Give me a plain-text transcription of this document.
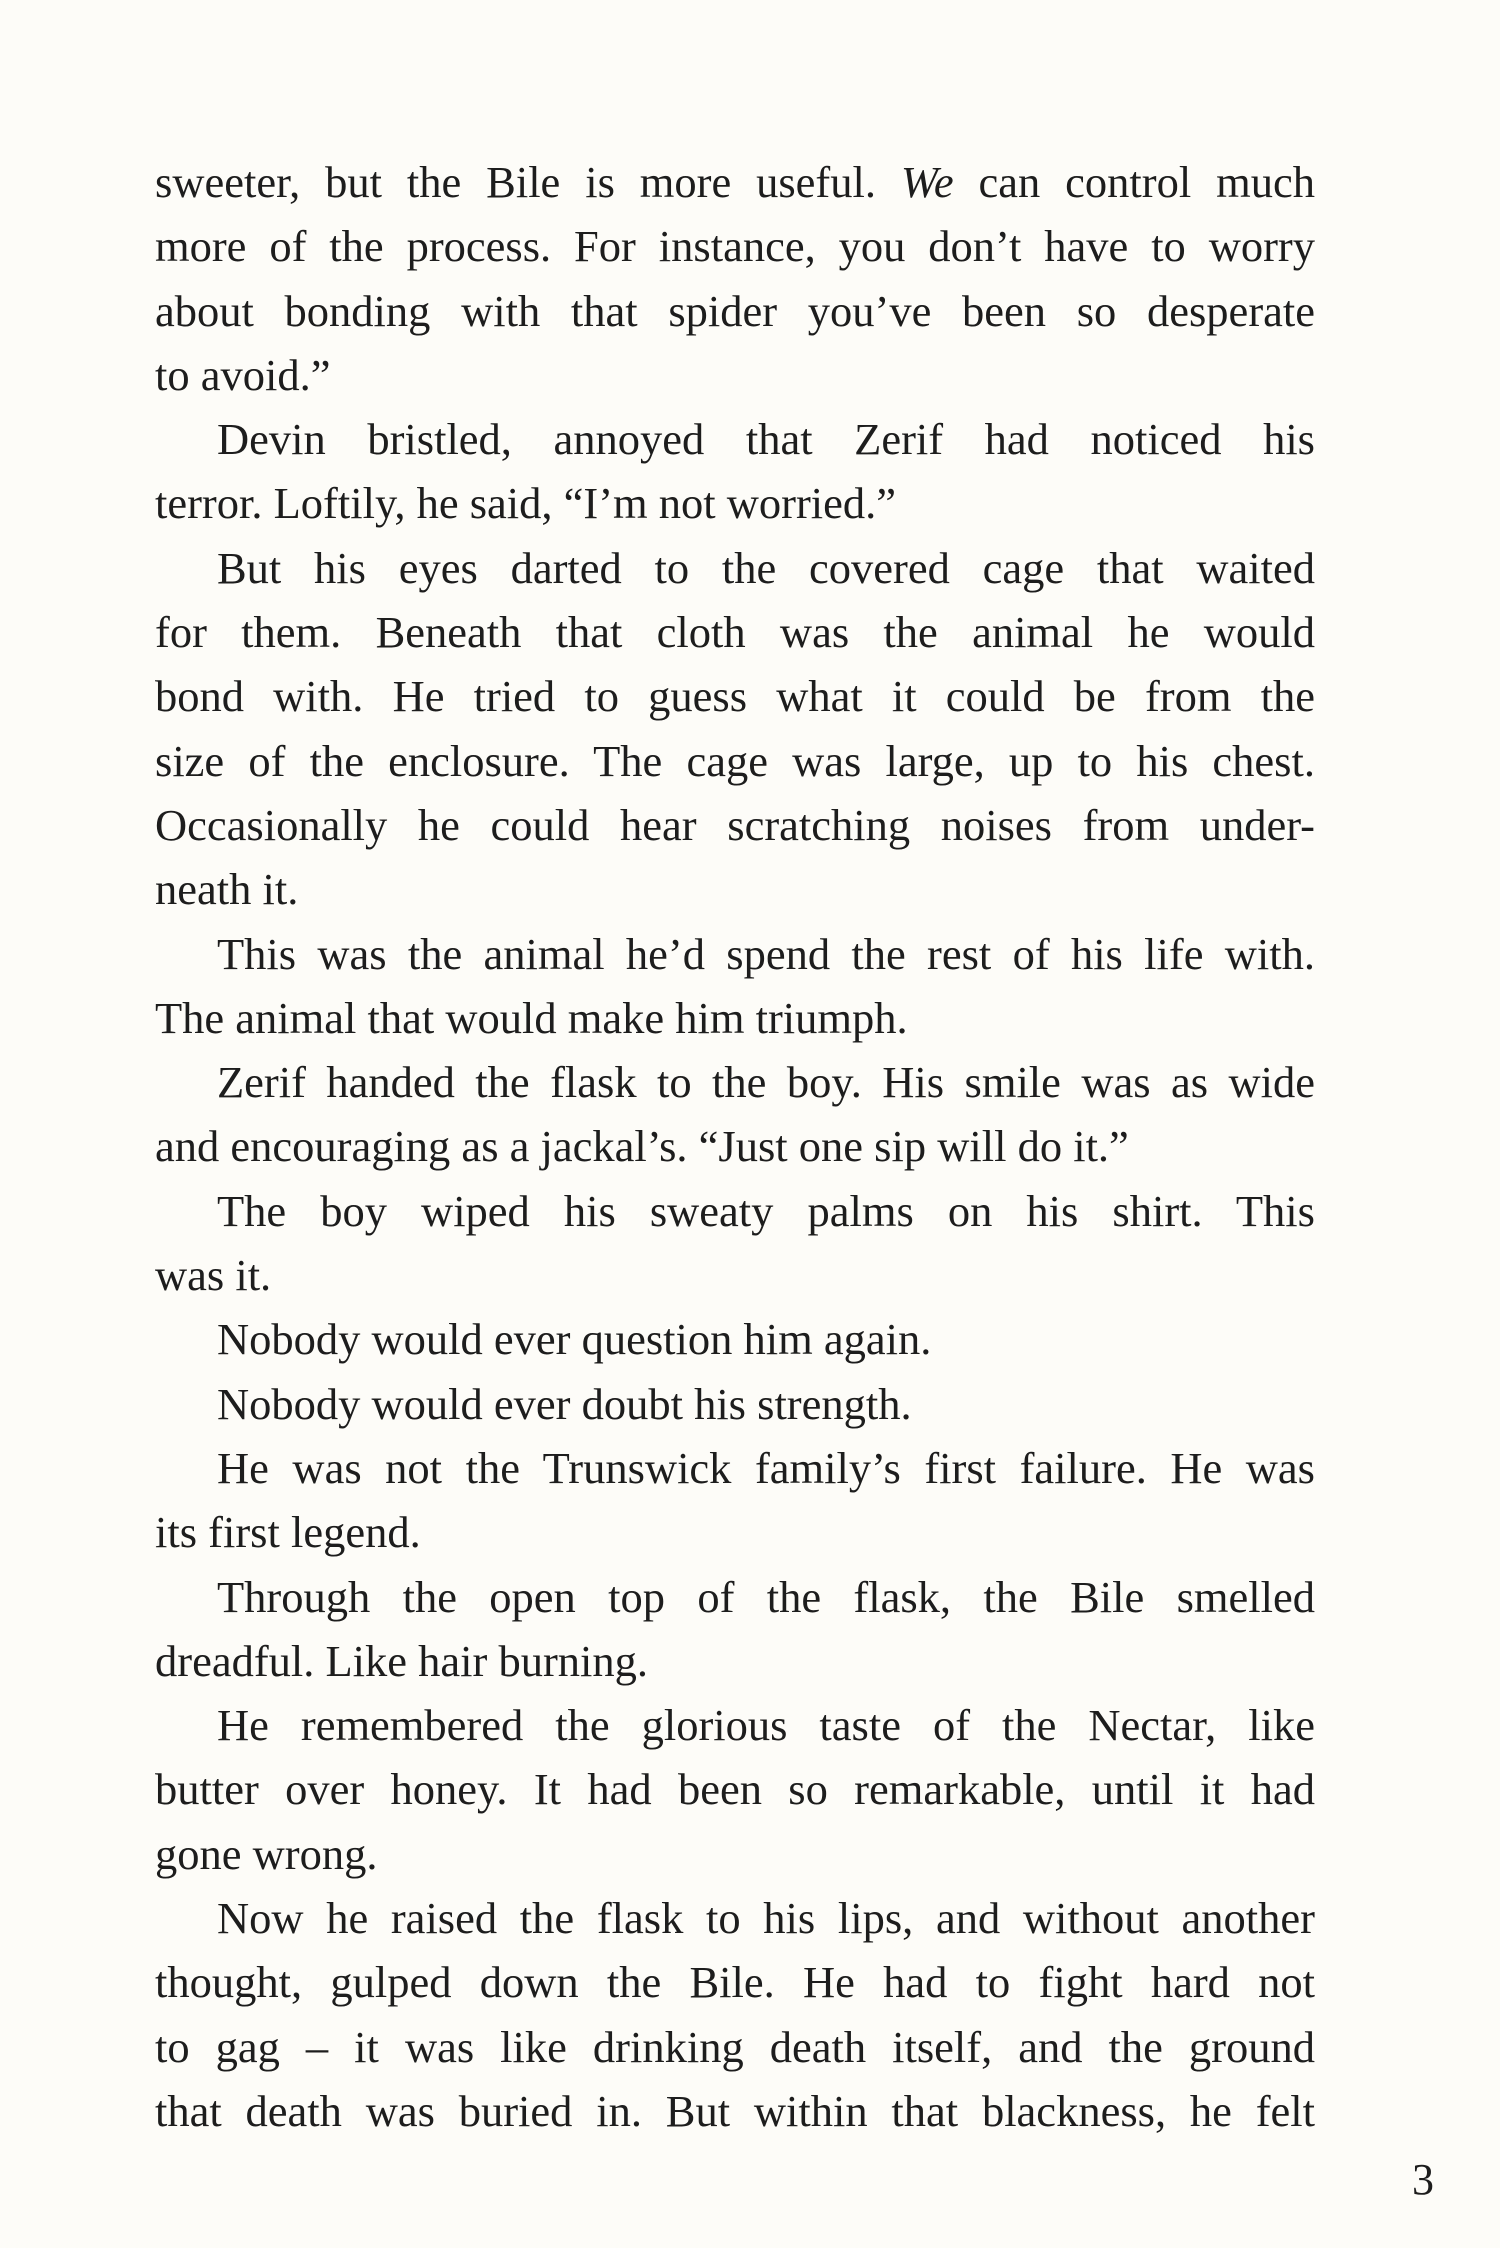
sweeter, but the Bile is more useful. We can control much
more of the process. For instance, you don’t have to worry
about bonding with that spider you’ve been so desperate
to avoid.”
Devin bristled, annoyed that Zerif had noticed his
terror. Loftily, he said, “I’m not worried.”
But his eyes darted to the covered cage that waited
for them. Beneath that cloth was the animal he would
bond with. He tried to guess what it could be from the
size of the enclosure. The cage was large, up to his chest.
Occasionally he could hear scratching noises from under-
neath it.
This was the animal he’d spend the rest of his life with.
The animal that would make him triumph.
Zerif handed the flask to the boy. His smile was as wide
and encouraging as a jackal’s. “Just one sip will do it.”
The boy wiped his sweaty palms on his shirt. This
was it.
Nobody would ever question him again.
Nobody would ever doubt his strength.
He was not the Trunswick family’s first failure. He was
its first legend.
Through the open top of the flask, the Bile smelled
dreadful. Like hair burning.
He remembered the glorious taste of the Nectar, like
butter over honey. It had been so remarkable, until it had
gone wrong.
Now he raised the flask to his lips, and without another
thought, gulped down the Bile. He had to fight hard not
to gag – it was like drinking death itself, and the ground
that death was buried in. But within that blackness, he felt
3
